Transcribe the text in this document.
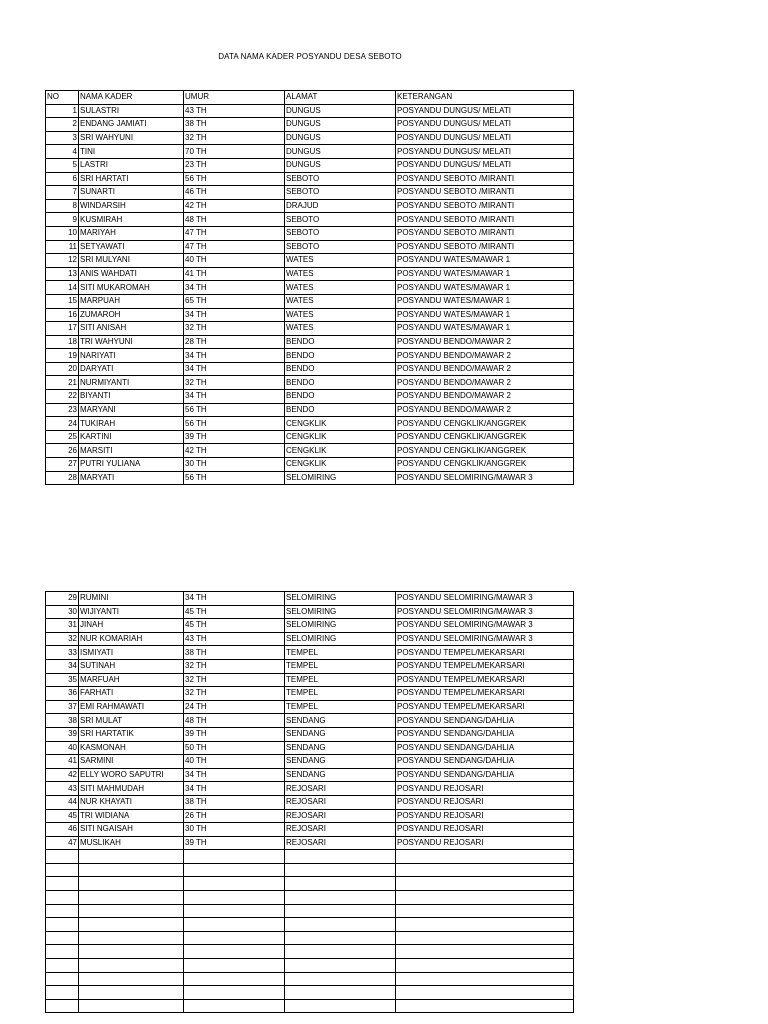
DATA NAMA KADER POSYANDU DESA SEBOTO
NO	NAMA KADER	UMUR	ALAMAT	KETERANGAN
1	SULASTRI	43 TH	DUNGUS	POSYANDU DUNGUS/ MELATI
2	ENDANG JAMIATI	38 TH	DUNGUS	POSYANDU DUNGUS/ MELATI
3	SRI WAHYUNI	32 TH	DUNGUS	POSYANDU DUNGUS/ MELATI
4	TINI	70 TH	DUNGUS	POSYANDU DUNGUS/ MELATI
5	LASTRI	23 TH	DUNGUS	POSYANDU DUNGUS/ MELATI
6	SRI HARTATI	56 TH	SEBOTO	POSYANDU SEBOTO /MIRANTI
7	SUNARTI	46 TH	SEBOTO	POSYANDU SEBOTO /MIRANTI
8	WINDARSIH	42 TH	DRAJUD	POSYANDU SEBOTO /MIRANTI
9	KUSMIRAH	48 TH	SEBOTO	POSYANDU SEBOTO /MIRANTI
10	MARIYAH	47 TH	SEBOTO	POSYANDU SEBOTO /MIRANTI
11	SETYAWATI	47 TH	SEBOTO	POSYANDU SEBOTO /MIRANTI
12	SRI MULYANI	40 TH	WATES	POSYANDU WATES/MAWAR 1
13	ANIS WAHDATI	41 TH	WATES	POSYANDU WATES/MAWAR 1
14	SITI MUKAROMAH	34 TH	WATES	POSYANDU WATES/MAWAR 1
15	MARPUAH	65 TH	WATES	POSYANDU WATES/MAWAR 1
16	ZUMAROH	34 TH	WATES	POSYANDU WATES/MAWAR 1
17	SITI ANISAH	32 TH	WATES	POSYANDU WATES/MAWAR 1
18	TRI WAHYUNI	28 TH	BENDO	POSYANDU BENDO/MAWAR 2
19	NARIYATI	34 TH	BENDO	POSYANDU BENDO/MAWAR 2
20	DARYATI	34 TH	BENDO	POSYANDU BENDO/MAWAR 2
21	NURMIYANTI	32 TH	BENDO	POSYANDU BENDO/MAWAR 2
22	BIYANTI	34 TH	BENDO	POSYANDU BENDO/MAWAR 2
23	MARYANI	56 TH	BENDO	POSYANDU BENDO/MAWAR 2
24	TUKIRAH	56 TH	CENGKLIK	POSYANDU CENGKLIK/ANGGREK
25	KARTINI	39 TH	CENGKLIK	POSYANDU CENGKLIK/ANGGREK
26	MARSITI	42 TH	CENGKLIK	POSYANDU CENGKLIK/ANGGREK
27	PUTRI YULIANA	30 TH	CENGKLIK	POSYANDU CENGKLIK/ANGGREK
28	MARYATI	56 TH	SELOMIRING	POSYANDU SELOMIRING/MAWAR 3
29	RUMINI	34 TH	SELOMIRING	POSYANDU SELOMIRING/MAWAR 3
30	WIJIYANTI	45 TH	SELOMIRING	POSYANDU SELOMIRING/MAWAR 3
31	JINAH	45 TH	SELOMIRING	POSYANDU SELOMIRING/MAWAR 3
32	NUR KOMARIAH	43 TH	SELOMIRING	POSYANDU SELOMIRING/MAWAR 3
33	ISMIYATI	38 TH	TEMPEL	POSYANDU TEMPEL/MEKARSARI
34	SUTINAH	32 TH	TEMPEL	POSYANDU TEMPEL/MEKARSARI
35	MARFUAH	32 TH	TEMPEL	POSYANDU TEMPEL/MEKARSARI
36	FARHATI	32 TH	TEMPEL	POSYANDU TEMPEL/MEKARSARI
37	EMI RAHMAWATI	24 TH	TEMPEL	POSYANDU TEMPEL/MEKARSARI
38	SRI MULAT	48 TH	SENDANG	POSYANDU SENDANG/DAHLIA
39	SRI HARTATIK	39 TH	SENDANG	POSYANDU SENDANG/DAHLIA
40	KASMONAH	50 TH	SENDANG	POSYANDU SENDANG/DAHLIA
41	SARMINI	40 TH	SENDANG	POSYANDU SENDANG/DAHLIA
42	ELLY WORO SAPUTRI	34 TH	SENDANG	POSYANDU SENDANG/DAHLIA
43	SITI MAHMUDAH	34 TH	REJOSARI	POSYANDU REJOSARI
44	NUR KHAYATI	38 TH	REJOSARI	POSYANDU REJOSARI
45	TRI WIDIANA	26 TH	REJOSARI	POSYANDU REJOSARI
46	SITI NGAISAH	30 TH	REJOSARI	POSYANDU REJOSARI
47	MUSLIKAH	39 TH	REJOSARI	POSYANDU REJOSARI
